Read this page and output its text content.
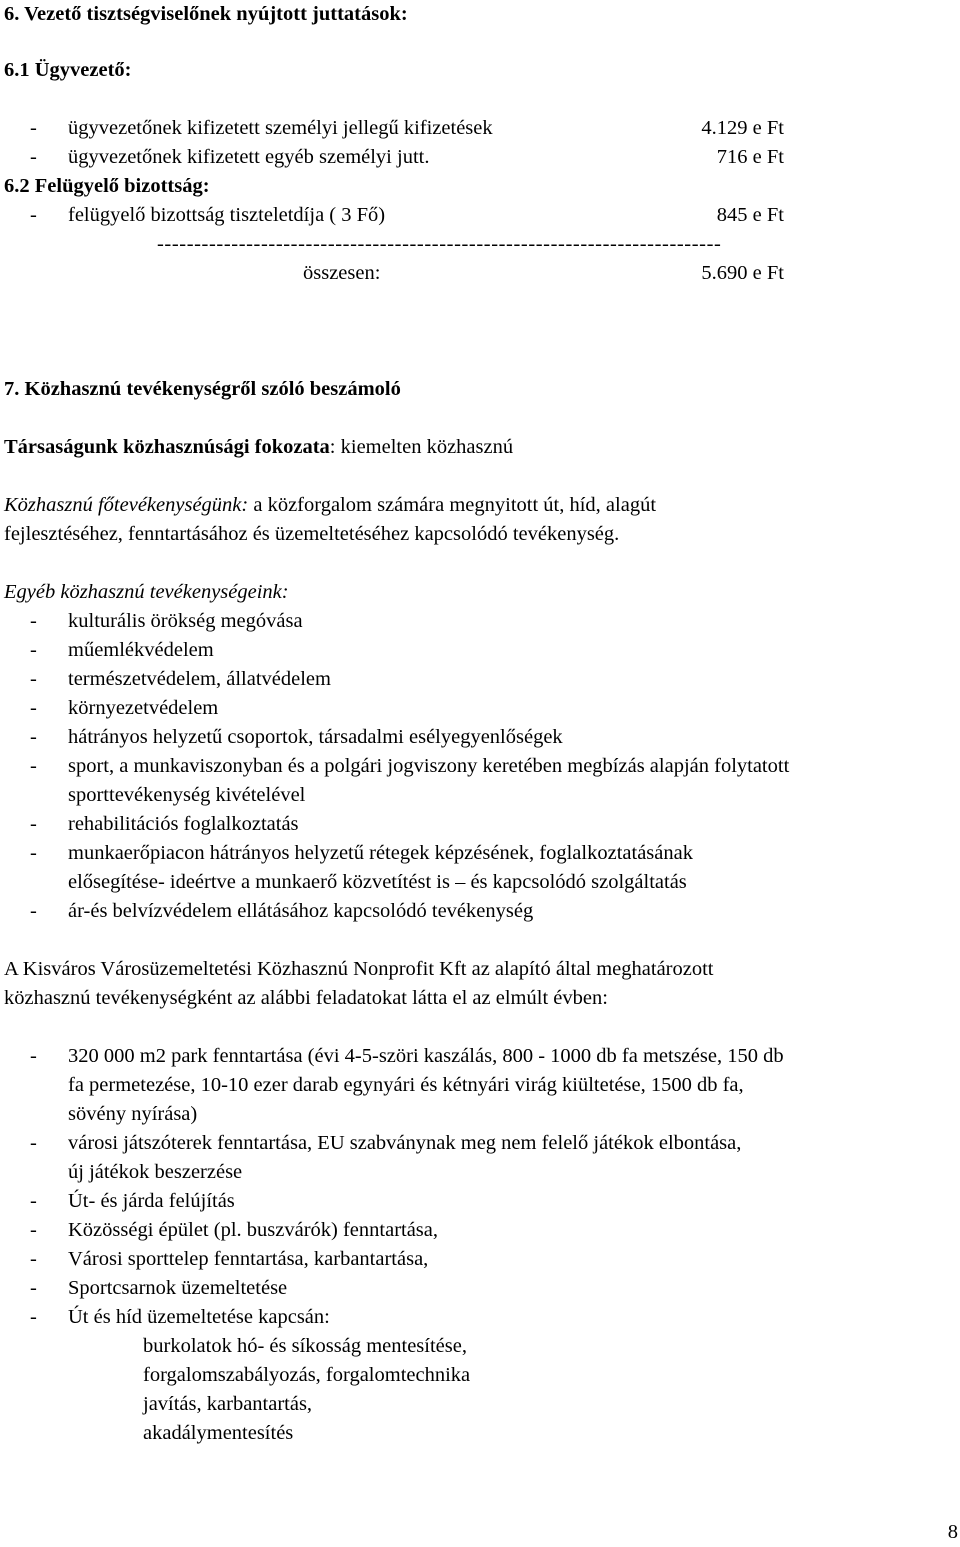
6. Vezető tisztségviselőnek nyújtott juttatások:
6.1 Ügyvezető:
- ügyvezetőnek kifizetett személyi jellegű kifizetések	4.129 e Ft
- ügyvezetőnek kifizetett egyéb személyi jutt.	716 e Ft
6.2 Felügyelő bizottság:
- felügyelő bizottság tiszteletdíja ( 3 Fő)	845 e Ft
----------------------------------------------------------------------------
összesen:	5.690 e Ft
7. Közhasznú tevékenységről szóló beszámoló
Társaságunk közhasznúsági fokozata: kiemelten közhasznú
Közhasznú főtevékenységünk: a közforgalom számára megnyitott út, híd, alagút
fejlesztéséhez, fenntartásához és üzemeltetéséhez kapcsolódó tevékenység.
Egyéb közhasznú tevékenységeink:
- kulturális örökség megóvása
- műemlékvédelem
- természetvédelem, állatvédelem
- környezetvédelem
- hátrányos helyzetű csoportok, társadalmi esélyegyenlőségek
- sport, a munkaviszonyban és a polgári jogviszony keretében megbízás alapján folytatott
sporttevékenység kivételével
- rehabilitációs foglalkoztatás
- munkaerőpiacon hátrányos helyzetű rétegek képzésének, foglalkoztatásának
elősegítése- ideértve a munkaerő közvetítést is – és kapcsolódó szolgáltatás
- ár-és belvízvédelem ellátásához kapcsolódó tevékenység
A Kisváros Városüzemeltetési Közhasznú Nonprofit Kft az alapító által meghatározott
közhasznú tevékenységként az alábbi feladatokat látta el az elmúlt évben:
- 320 000 m2 park fenntartása (évi 4-5-szöri kaszálás, 800 - 1000 db fa metszése, 150 db
fa permetezése, 10-10 ezer darab egynyári és kétnyári virág kiültetése, 1500 db fa,
sövény nyírása)
- városi játszóterek fenntartása, EU szabványnak meg nem felelő játékok elbontása,
új játékok beszerzése
- Út- és járda felújítás
- Közösségi épület (pl. buszvárók) fenntartása,
- Városi sporttelep fenntartása, karbantartása,
- Sportcsarnok üzemeltetése
- Út és híd üzemeltetése kapcsán:
burkolatok hó- és síkosság mentesítése,
forgalomszabályozás, forgalomtechnika
javítás, karbantartás,
akadálymentesítés
8
